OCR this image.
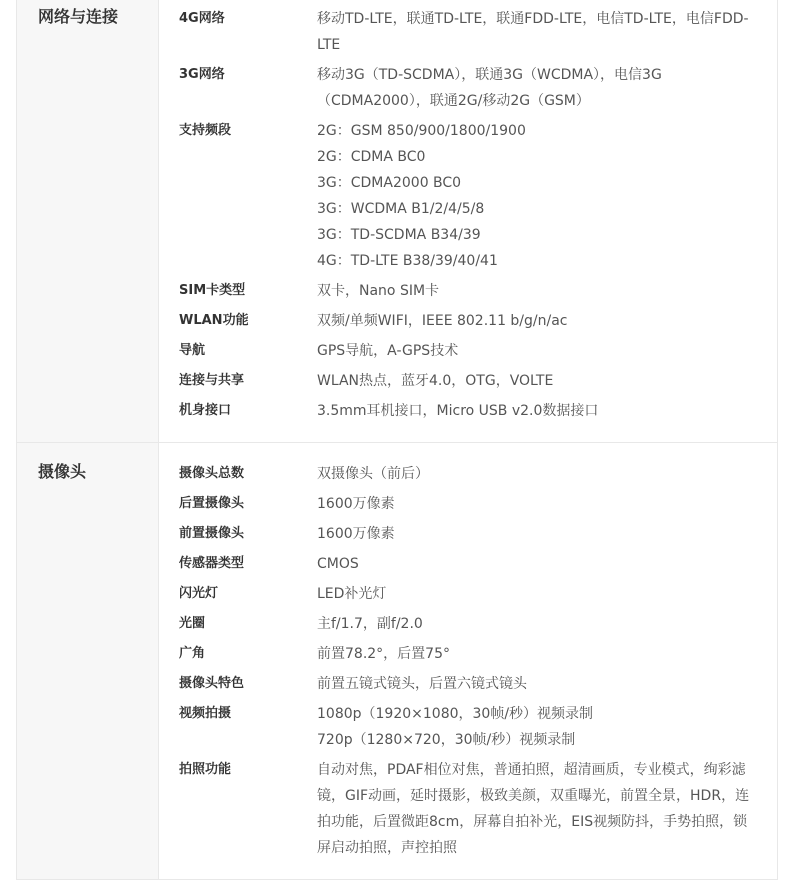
网络与连接	4G网络	移动TD-LTE，联通TD-LTE，联通FDD-LTE，电信TD-LTE，电信FDD-LTE
3G网络	移动3G（TD-SCDMA），联通3G（WCDMA），电信3G（CDMA2000），联通2G/移动2G（GSM）
支持频段	2G：GSM 850/900/1800/1900
2G：CDMA BC0
3G：CDMA2000 BC0
3G：WCDMA B1/2/4/5/8
3G：TD-SCDMA B34/39
4G：TD-LTE B38/39/40/41
SIM卡类型	双卡，Nano SIM卡
WLAN功能	双频/单频WIFI，IEEE 802.11 b/g/n/ac
导航	GPS导航，A-GPS技术
连接与共享	WLAN热点，蓝牙4.0，OTG，VOLTE
机身接口	3.5mm耳机接口，Micro USB v2.0数据接口
摄像头	摄像头总数	双摄像头（前后）
后置摄像头	1600万像素
前置摄像头	1600万像素
传感器类型	CMOS
闪光灯	LED补光灯
光圈	主f/1.7，副f/2.0
广角	前置78.2°，后置75°
摄像头特色	前置五镜式镜头，后置六镜式镜头
视频拍摄	1080p（1920×1080，30帧/秒）视频录制
720p（1280×720，30帧/秒）视频录制
拍照功能	自动对焦，PDAF相位对焦，普通拍照，超清画质，专业模式，绚彩滤镜，GIF动画，延时摄影，极致美颜，双重曝光，前置全景，HDR，连拍功能，后置微距8cm，屏幕自拍补光，EIS视频防抖，手势拍照，锁屏启动拍照，声控拍照
